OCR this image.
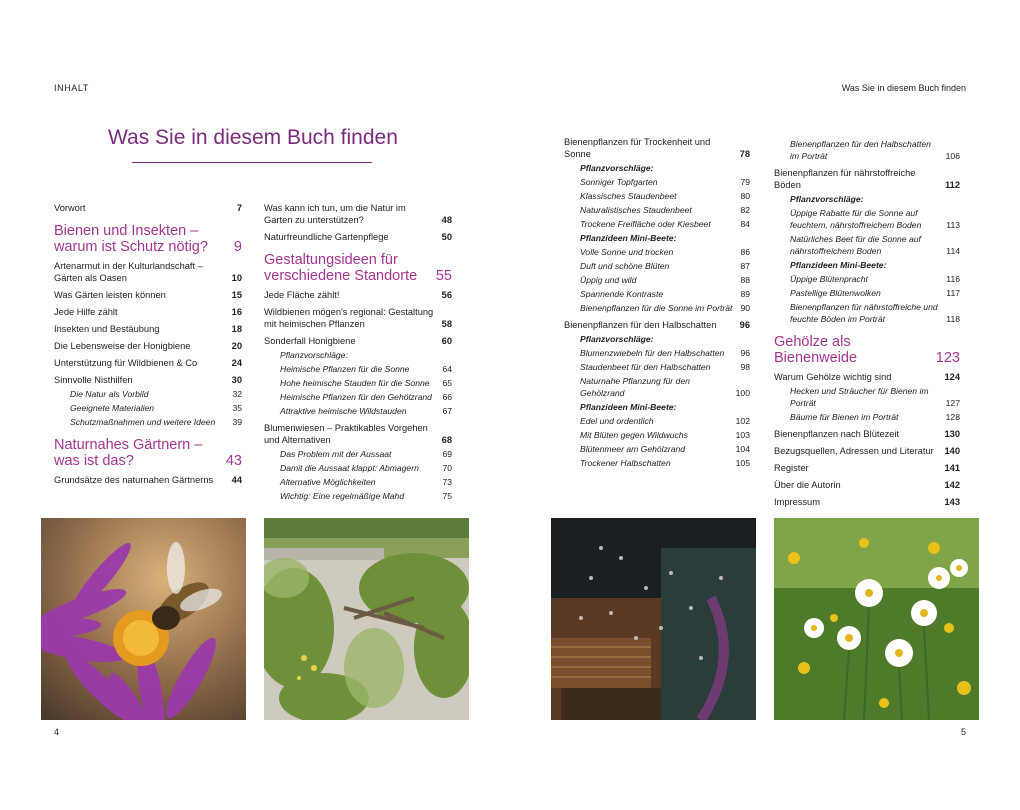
INHALT	Was Sie in diesem Buch finden
Was Sie in diesem Buch finden
Vorwort	7
Bienen und Insekten – warum ist Schutz nötig?	9
Artenarmut in der Kulturlandschaft – Gärten als Oasen	10
Was Gärten leisten können	15
Jede Hilfe zählt	16
Insekten und Bestäubung	18
Die Lebensweise der Honigbiene	20
Unterstützung für Wildbienen & Co	24
Sinnvolle Nisthilfen	30
Die Natur als Vorbild	32
Geeignete Materialien	35
Schutzmaßnahmen und weitere Ideen	39
Naturnahes Gärtnern – was ist das?	43
Grundsätze des naturnahen Gärtnerns	44
Was kann ich tun, um die Natur im Garten zu unterstützen?	48
Naturfreundliche Gartenpflege	50
Gestaltungsideen für verschiedene Standorte	55
Jede Fläche zählt!	56
Wildbienen mögen's regional: Gestaltung mit heimischen Pflanzen	58
Sonderfall Honigbiene	60
Pflanzvorschläge:
Heimische Pflanzen für die Sonne	64
Hohe heimische Stauden für die Sonne	65
Heimische Pflanzen für den Gehölzrand	66
Attraktive heimische Wildstauden	67
Blumenwiesen – Praktikables Vorgehen und Alternativen	68
Das Problem mit der Aussaat	69
Damit die Aussaat klappt: Abmagern	70
Alternative Möglichkeiten	73
Wichtig: Eine regelmäßige Mahd	75
Bienenpflanzen für Trockenheit und Sonne	78
Pflanzvorschläge:
Sonniger Topfgarten	79
Klassisches Staudenbeet	80
Naturalistisches Staudenbeet	82
Trockene Freifläche oder Kiesbeet	84
Pflanzideen Mini-Beete:
Volle Sonne und trocken	86
Duft und schöne Blüten	87
Üppig und wild	88
Spannende Kontraste	89
Bienenpflanzen für die Sonne im Porträt 90
Bienenpflanzen für den Halbschatten	96
Pflanzvorschläge:
Blumenzwiebeln für den Halbschatten	96
Staudenbeet für den Halbschatten	98
Naturnahe Pflanzung für den Gehölzrand	100
Pflanzideen Mini-Beete:
Edel und ordentlich	102
Mit Blüten gegen Wildwuchs	103
Blütenmeer am Gehölzrand	104
Trockener Halbschatten	105
Bienenpflanzen für den Halbschatten im Porträt	106
Bienenpflanzen für nährstoffreiche Böden	112
Pflanzvorschläge:
Üppige Rabatte für die Sonne auf feuchtem, nährstoffreichem Boden	113
Natürliches Beet für die Sonne auf nährstoffreichem Boden	114
Pflanzideen Mini-Beete:
Üppige Blütenpracht	116
Pastellige Blütenwolken	117
Bienenpflanzen für nährstoffreiche und feuchte Böden im Porträt	118
Gehölze als Bienenweide	123
Warum Gehölze wichtig sind	124
Hecken und Sträucher für Bienen im Porträt	127
Bäume für Bienen im Porträt	128
Bienenpflanzen nach Blütezeit	130
Bezugsquellen, Adressen und Literatur	140
Register	141
Über die Autorin	142
Impressum	143
4	5
